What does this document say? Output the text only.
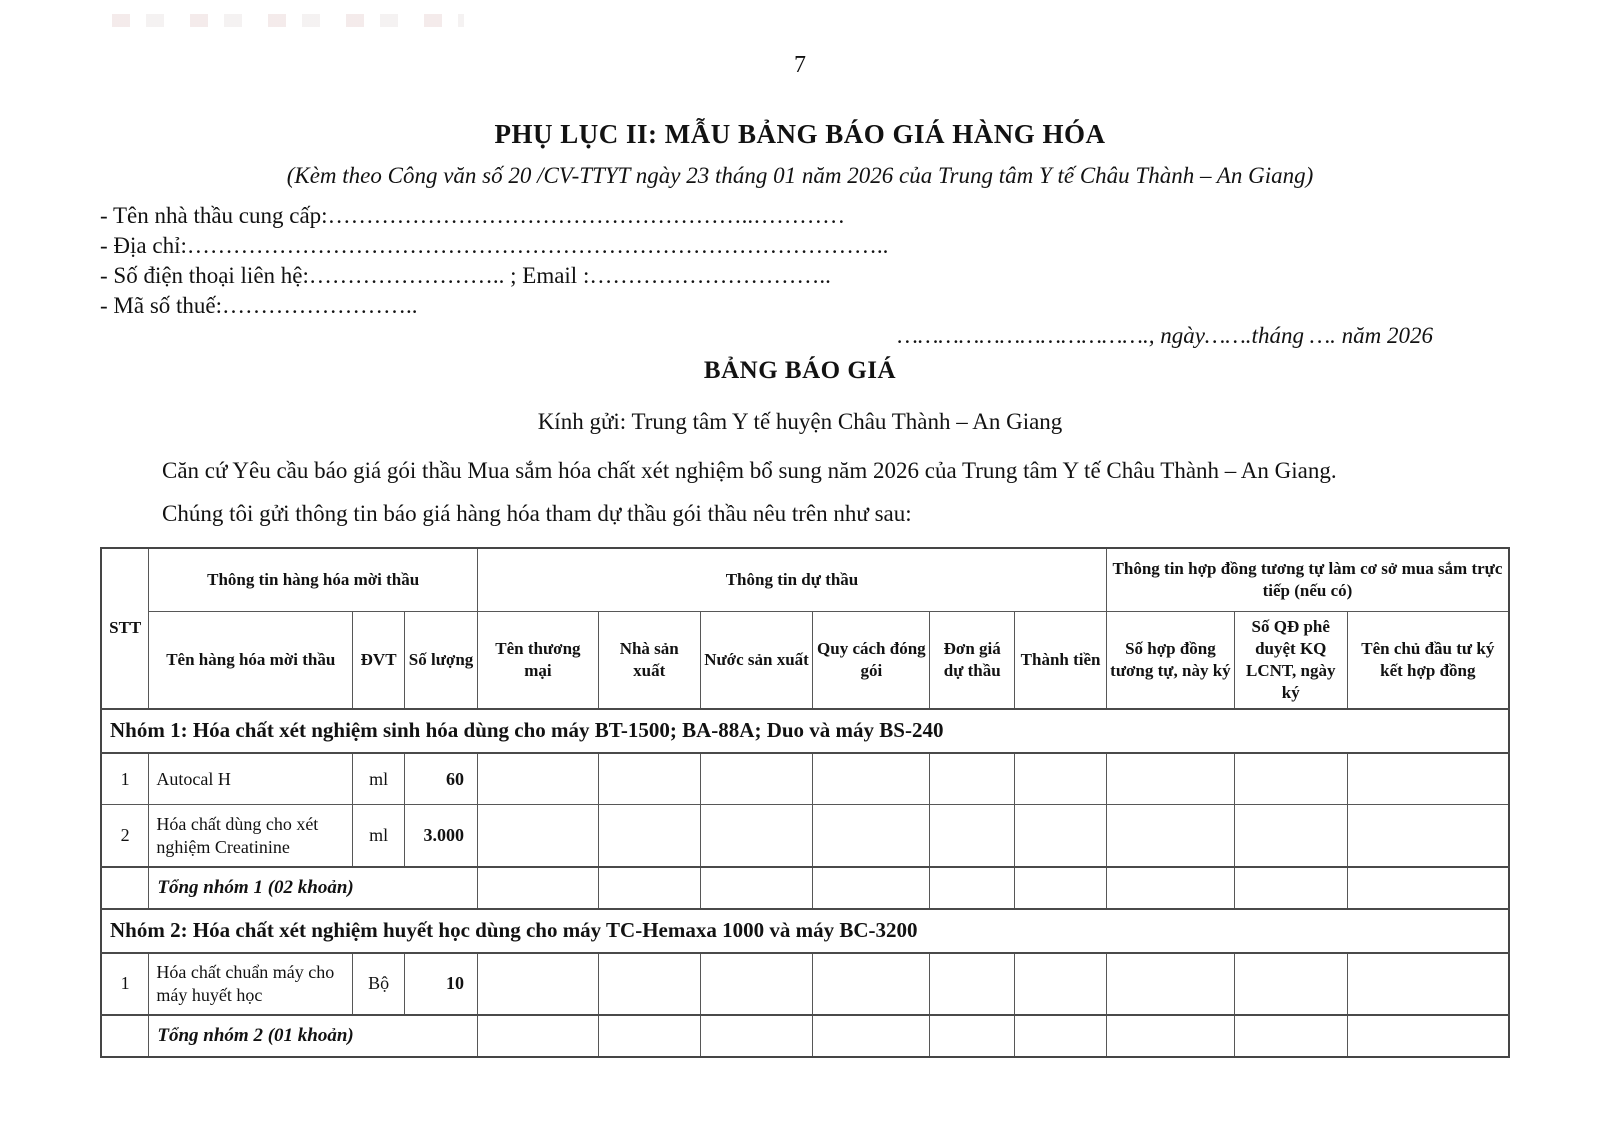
7
PHỤ LỤC II: MẪU BẢNG BÁO GIÁ HÀNG HÓA
(Kèm theo Công văn số 20 /CV-TTYT ngày 23 tháng 01 năm 2026 của Trung tâm Y tế Châu Thành – An Giang)
- Tên nhà thầu cung cấp:………………………………………………..…………
- Địa chỉ:………………………………………………………………………………..
- Số điện thoại liên hệ:…………………….. ; Email :…………………………..
- Mã số thuế:……………………..
………………………………., ngày…….tháng …. năm 2026
BẢNG BÁO GIÁ
Kính gửi: Trung tâm Y tế huyện Châu Thành – An Giang
Căn cứ Yêu cầu báo giá gói thầu Mua sắm hóa chất xét nghiệm bổ sung năm 2026 của Trung tâm Y tế Châu Thành – An Giang.
Chúng tôi gửi thông tin báo giá hàng hóa tham dự thầu gói thầu nêu trên như sau:
STT	Thông tin hàng hóa mời thầu			Thông tin dự thầu						Thông tin hợp đồng tương tự làm cơ sở mua sắm trực tiếp (nếu có)		
	Tên hàng hóa mời thầu	ĐVT	Số lượng	Tên thương mại	Nhà sản xuất	Nước sản xuất	Quy cách đóng gói	Đơn giá dự thầu	Thành tiền	Số hợp đồng tương tự, này ký	Số QĐ phê duyệt KQ LCNT, ngày ký	Tên chủ đầu tư ký kết hợp đồng
Nhóm 1: Hóa chất xét nghiệm sinh hóa dùng cho máy BT-1500; BA-88A; Duo và máy BS-240												
1	Autocal H	ml	60									
2	Hóa chất dùng cho xét nghiệm Creatinine	ml	3.000									
	Tổng nhóm 1 (02 khoản)											
Nhóm 2: Hóa chất xét nghiệm huyết học dùng cho máy TC-Hemaxa 1000 và máy BC-3200												
1	Hóa chất chuẩn máy cho máy huyết học	Bộ	10									
	Tổng nhóm 2 (01 khoản)											
